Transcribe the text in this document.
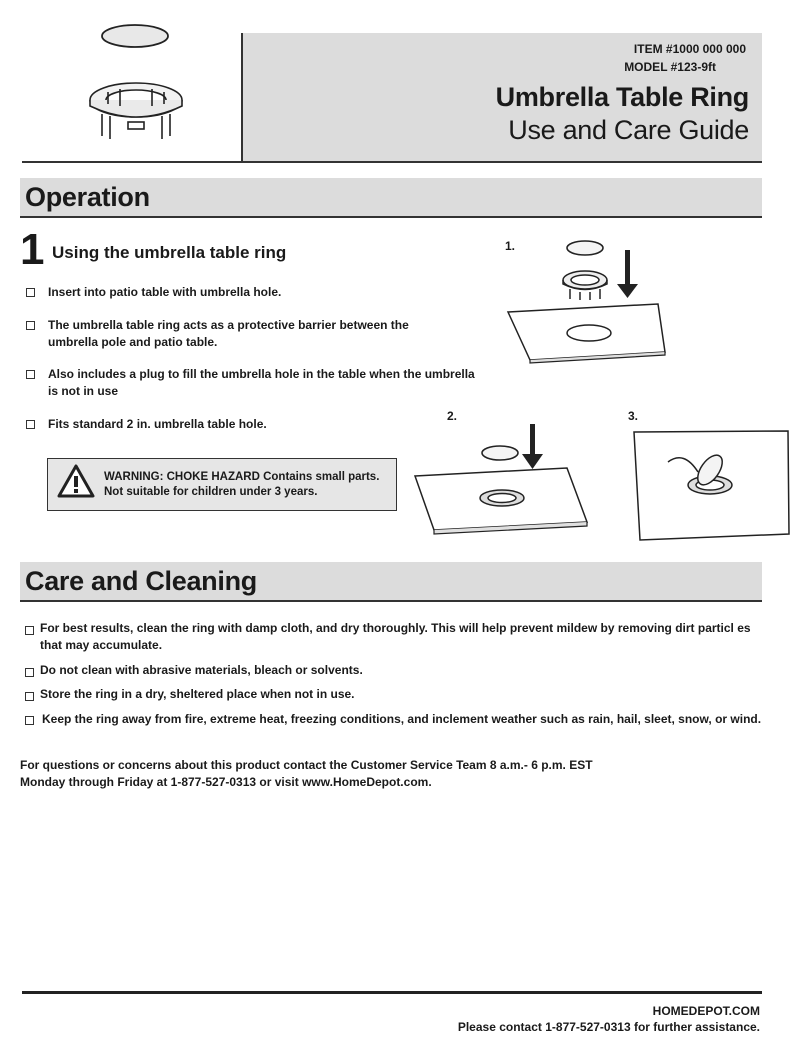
ITEM #1000 000 000
MODEL #123-9ft
Umbrella Table Ring
Use and Care Guide
Operation
1 Using the umbrella table ring
Insert into patio table with umbrella hole.
The umbrella table ring acts as a protective barrier between the
umbrella pole and patio table.
Also includes a plug to fill the umbrella hole in the table when the umbrella
is not in use
Fits standard 2 in. umbrella table hole.
WARNING: CHOKE HAZARD Contains small parts.
Not suitable for children under 3 years.
1.
2.	3.
Care and Cleaning
For best results, clean the ring with damp cloth, and dry thoroughly. This will help prevent mildew by removing dirt particl es
that may accumulate.
Do not clean with abrasive materials, bleach or solvents.
Store the ring in a dry, sheltered place when not in use.
Keep the ring away from fire, extreme heat, freezing conditions, and inclement weather such as rain, hail, sleet, snow, or wind.
For questions or concerns about this product contact the Customer Service Team 8 a.m.- 6 p.m. EST
Monday through Friday at 1-877-527-0313 or visit www.HomeDepot.com.
HOMEDEPOT.COM
Please contact 1-877-527-0313 for further assistance.
